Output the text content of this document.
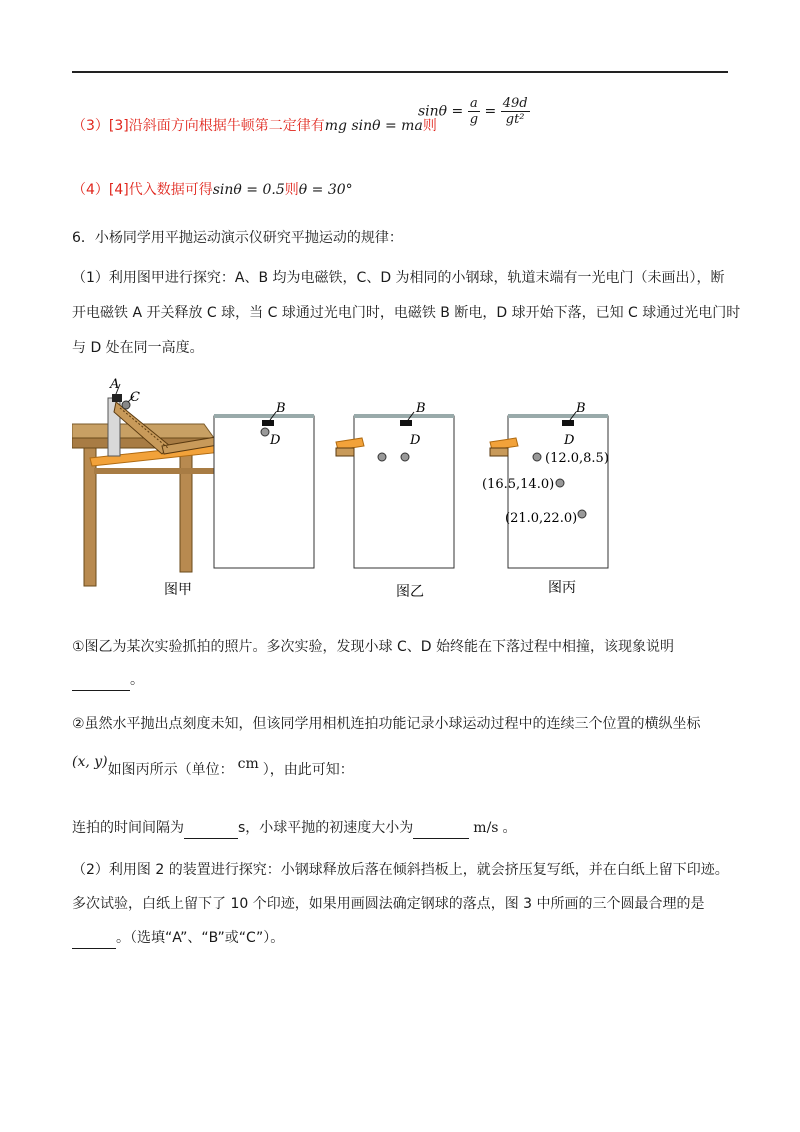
（3）[3]沿斜面方向根据牛顿第二定律有mg sinθ = ma则
$\sin\theta = \frac{a}{g} = \frac{49d}{\text{gt²}}$
（4）[4]代入数据可得sinθ = 0.5则θ = 30°
6．小杨同学用平抛运动演示仪研究平抛运动的规律：
（1）利用图甲进行探究：A、B 均为电磁铁，C、D 为相同的小钢球，轨道末端有一光电门（未画出），断
开电磁铁 A 开关释放 C 球，当 C 球通过光电门时，电磁铁 B 断电，D 球开始下落，已知 C 球通过光电门时
与 D 处在同一高度。
A
C
B
D
B
D
B
D
(12.0,8.5)
(16.5,14.0)
(21.0,22.0)
图甲	图乙	图丙
①图乙为某次实验抓拍的照片。多次实验，发现小球 C、D 始终能在下落过程中相撞，该现象说明
。
②虽然水平抛出点刻度未知，但该同学用相机连拍功能记录小球运动过程中的连续三个位置的横纵坐标
(x, y)如图丙所示（单位： cm ），由此可知：
连拍的时间间隔为	s，小球平抛的初速度大小为	m/s 。
（2）利用图 2 的装置进行探究：小钢球释放后落在倾斜挡板上，就会挤压复写纸，并在白纸上留下印迹。
多次试验，白纸上留下了 10 个印迹，如果用画圆法确定钢球的落点，图 3 中所画的三个圆最合理的是
。（选填“A”、“B”或“C”）。
